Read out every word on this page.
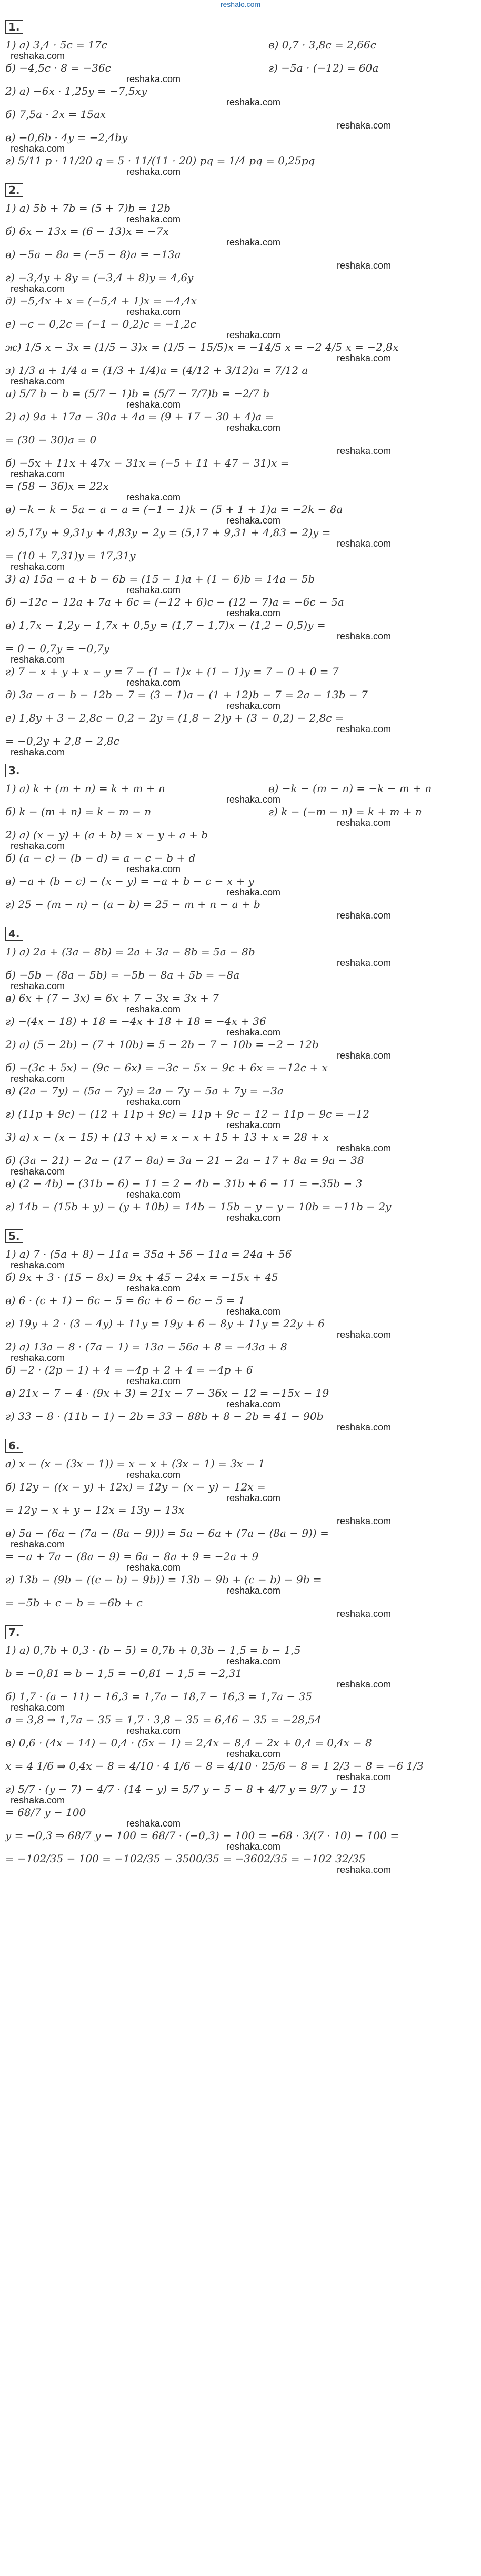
reshalo.com
1.
1) а) 3,4 · 5c = 17c	в) 0,7 · 3,8c = 2,66c
reshaka.com
б) −4,5c · 8 = −36c	г) −5a · (−12) = 60a
reshaka.com
2) а) −6x · 1,25y = −7,5xy
reshaka.com
б) 7,5a · 2x = 15ax
reshaka.com
в) −0,6b · 4y = −2,4by
reshaka.com
г) 5/11 p · 11/20 q = 5 · 11/(11 · 20) pq = 1/4 pq = 0,25pq
reshaka.com
2.
1) а) 5b + 7b = (5 + 7)b = 12b
reshaka.com
б) 6x − 13x = (6 − 13)x = −7x
reshaka.com
в) −5a − 8a = (−5 − 8)a = −13a
reshaka.com
г) −3,4y + 8y = (−3,4 + 8)y = 4,6y
reshaka.com
д) −5,4x + x = (−5,4 + 1)x = −4,4x
reshaka.com
е) −c − 0,2c = (−1 − 0,2)c = −1,2c
reshaka.com
ж) 1/5 x − 3x = (1/5 − 3)x = (1/5 − 15/5)x = −14/5 x = −2 4/5 x = −2,8x
reshaka.com
з) 1/3 a + 1/4 a = (1/3 + 1/4)a = (4/12 + 3/12)a = 7/12 a
reshaka.com
и) 5/7 b − b = (5/7 − 1)b = (5/7 − 7/7)b = −2/7 b
reshaka.com
2) а) 9a + 17a − 30a + 4a = (9 + 17 − 30 + 4)a =
reshaka.com
= (30 − 30)a = 0
reshaka.com
б) −5x + 11x + 47x − 31x = (−5 + 11 + 47 − 31)x =
reshaka.com
= (58 − 36)x = 22x
reshaka.com
в) −k − k − 5a − a − a = (−1 − 1)k − (5 + 1 + 1)a = −2k − 8a
reshaka.com
г) 5,17y + 9,31y + 4,83y − 2y = (5,17 + 9,31 + 4,83 − 2)y =
reshaka.com
= (10 + 7,31)y = 17,31y
reshaka.com
3) а) 15a − a + b − 6b = (15 − 1)a + (1 − 6)b = 14a − 5b
reshaka.com
б) −12c − 12a + 7a + 6c = (−12 + 6)c − (12 − 7)a = −6c − 5a
reshaka.com
в) 1,7x − 1,2y − 1,7x + 0,5y = (1,7 − 1,7)x − (1,2 − 0,5)y =
reshaka.com
= 0 − 0,7y = −0,7y
reshaka.com
г) 7 − x + y + x − y = 7 − (1 − 1)x + (1 − 1)y = 7 − 0 + 0 = 7
reshaka.com
д) 3a − a − b − 12b − 7 = (3 − 1)a − (1 + 12)b − 7 = 2a − 13b − 7
reshaka.com
е) 1,8y + 3 − 2,8c − 0,2 − 2y = (1,8 − 2)y + (3 − 0,2) − 2,8c =
reshaka.com
= −0,2y + 2,8 − 2,8c
reshaka.com
3.
1) а) k + (m + n) = k + m + n	в) −k − (m − n) = −k − m + n
reshaka.com
б) k − (m + n) = k − m − n	г) k − (−m − n) = k + m + n
reshaka.com
2) а) (x − y) + (a + b) = x − y + a + b
reshaka.com
б) (a − c) − (b − d) = a − c − b + d
reshaka.com
в) −a + (b − c) − (x − y) = −a + b − c − x + y
reshaka.com
г) 25 − (m − n) − (a − b) = 25 − m + n − a + b
reshaka.com
4.
1) а) 2a + (3a − 8b) = 2a + 3a − 8b = 5a − 8b
reshaka.com
б) −5b − (8a − 5b) = −5b − 8a + 5b = −8a
reshaka.com
в) 6x + (7 − 3x) = 6x + 7 − 3x = 3x + 7
reshaka.com
г) −(4x − 18) + 18 = −4x + 18 + 18 = −4x + 36
reshaka.com
2) а) (5 − 2b) − (7 + 10b) = 5 − 2b − 7 − 10b = −2 − 12b
reshaka.com
б) −(3c + 5x) − (9c − 6x) = −3c − 5x − 9c + 6x = −12c + x
reshaka.com
в) (2a − 7y) − (5a − 7y) = 2a − 7y − 5a + 7y = −3a
reshaka.com
г) (11p + 9c) − (12 + 11p + 9c) = 11p + 9c − 12 − 11p − 9c = −12
reshaka.com
3) а) x − (x − 15) + (13 + x) = x − x + 15 + 13 + x = 28 + x
reshaka.com
б) (3a − 21) − 2a − (17 − 8a) = 3a − 21 − 2a − 17 + 8a = 9a − 38
reshaka.com
в) (2 − 4b) − (31b − 6) − 11 = 2 − 4b − 31b + 6 − 11 = −35b − 3
reshaka.com
г) 14b − (15b + y) − (y + 10b) = 14b − 15b − y − y − 10b = −11b − 2y
reshaka.com
5.
1) а) 7 · (5a + 8) − 11a = 35a + 56 − 11a = 24a + 56
reshaka.com
б) 9x + 3 · (15 − 8x) = 9x + 45 − 24x = −15x + 45
reshaka.com
в) 6 · (c + 1) − 6c − 5 = 6c + 6 − 6c − 5 = 1
reshaka.com
г) 19y + 2 · (3 − 4y) + 11y = 19y + 6 − 8y + 11y = 22y + 6
reshaka.com
2) а) 13a − 8 · (7a − 1) = 13a − 56a + 8 = −43a + 8
reshaka.com
б) −2 · (2p − 1) + 4 = −4p + 2 + 4 = −4p + 6
reshaka.com
в) 21x − 7 − 4 · (9x + 3) = 21x − 7 − 36x − 12 = −15x − 19
reshaka.com
г) 33 − 8 · (11b − 1) − 2b = 33 − 88b + 8 − 2b = 41 − 90b
reshaka.com
6.
а) x − (x − (3x − 1)) = x − x + (3x − 1) = 3x − 1
reshaka.com
б) 12y − ((x − y) + 12x) = 12y − (x − y) − 12x =
reshaka.com
= 12y − x + y − 12x = 13y − 13x
reshaka.com
в) 5a − (6a − (7a − (8a − 9))) = 5a − 6a + (7a − (8a − 9)) =
reshaka.com
= −a + 7a − (8a − 9) = 6a − 8a + 9 = −2a + 9
reshaka.com
г) 13b − (9b − ((c − b) − 9b)) = 13b − 9b + (c − b) − 9b =
reshaka.com
= −5b + c − b = −6b + c
reshaka.com
7.
1) а) 0,7b + 0,3 · (b − 5) = 0,7b + 0,3b − 1,5 = b − 1,5
reshaka.com
b = −0,81 ⇒ b − 1,5 = −0,81 − 1,5 = −2,31
reshaka.com
б) 1,7 · (a − 11) − 16,3 = 1,7a − 18,7 − 16,3 = 1,7a − 35
reshaka.com
a = 3,8 ⇒ 1,7a − 35 = 1,7 · 3,8 − 35 = 6,46 − 35 = −28,54
reshaka.com
в) 0,6 · (4x − 14) − 0,4 · (5x − 1) = 2,4x − 8,4 − 2x + 0,4 = 0,4x − 8
reshaka.com
x = 4 1/6 ⇒ 0,4x − 8 = 4/10 · 4 1/6 − 8 = 4/10 · 25/6 − 8 = 1 2/3 − 8 = −6 1/3
reshaka.com
г) 5/7 · (y − 7) − 4/7 · (14 − y) = 5/7 y − 5 − 8 + 4/7 y = 9/7 y − 13
reshaka.com
= 68/7 y − 100
reshaka.com
y = −0,3 ⇒ 68/7 y − 100 = 68/7 · (−0,3) − 100 = −68 · 3/(7 · 10) − 100 =
reshaka.com
= −102/35 − 100 = −102/35 − 3500/35 = −3602/35 = −102 32/35
reshaka.com
